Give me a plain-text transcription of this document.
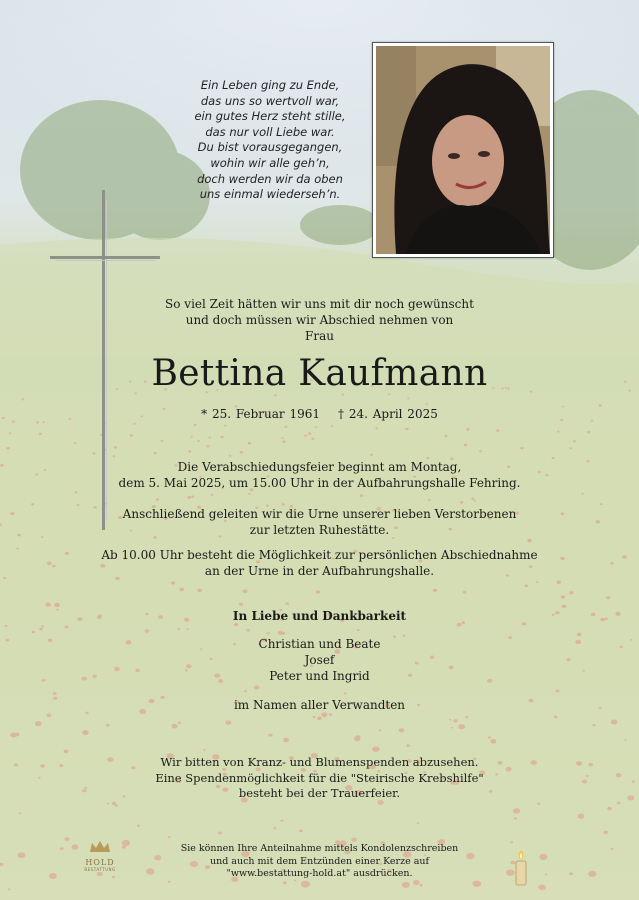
Ein Leben ging zu Ende,
das uns so wertvoll war,
ein gutes Herz steht stille,
das nur voll Liebe war.
Du bist vorausgegangen,
wohin wir alle geh’n,
doch werden wir da oben
uns einmal wiederseh’n.
So viel Zeit hätten wir uns mit dir noch gewünscht
und doch müssen wir Abschied nehmen von
Frau
Bettina Kaufmann
* 25. Februar 1961 † 24. April 2025
Die Verabschiedungsfeier beginnt am Montag,
dem 5. Mai 2025, um 15.00 Uhr in der Aufbahrungshalle Fehring.
Anschließend geleiten wir die Urne unserer lieben Verstorbenen
zur letzten Ruhestätte.
Ab 10.00 Uhr besteht die Möglichkeit zur persönlichen Abschiednahme
an der Urne in der Aufbahrungshalle.
In Liebe und Dankbarkeit
Christian und Beate
Josef
Peter und Ingrid
im Namen aller Verwandten
Wir bitten von Kranz- und Blumenspenden abzusehen.
Eine Spendenmöglichkeit für die "Steirische Krebshilfe"
besteht bei der Trauerfeier.
Sie können Ihre Anteilnahme mittels Kondolenzschreiben
und auch mit dem Entzünden einer Kerze auf
"www.bestattung-hold.at" ausdrücken.
HOLD
BESTATTUNG
